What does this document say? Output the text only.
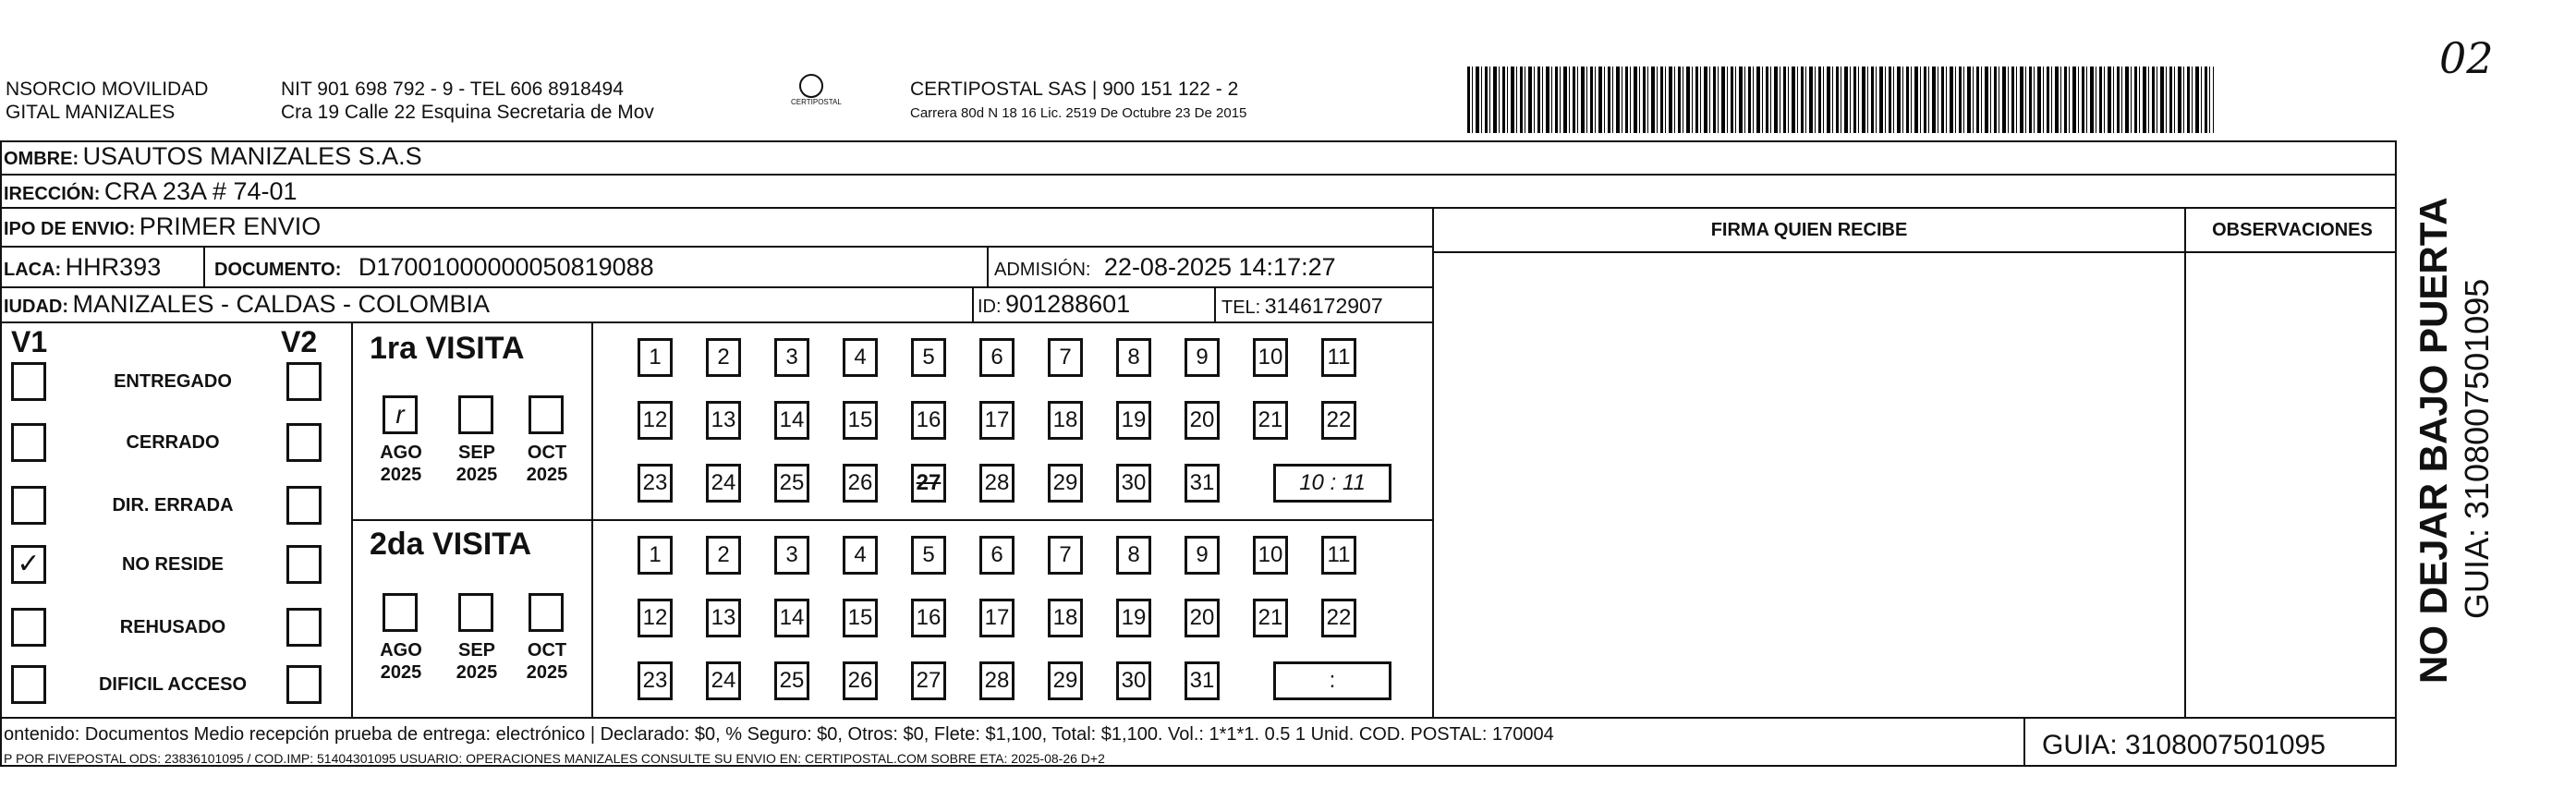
NSORCIO MOVILIDAD
GITAL MANIZALES
NIT 901 698 792 - 9 - TEL 606 8918494
Cra 19 Calle 22 Esquina Secretaria de Mov	CERTIPOSTAL
CERTIPOSTAL SAS | 900 151 122 - 2
Carrera 80d N 18 16 Lic. 2519 De Octubre 23 De 2015
02
OMBRE: USAUTOS MANIZALES S.A.S
IRECCIÓN: CRA 23A # 74-01
IPO DE ENVIO: PRIMER ENVIO
LACA: HHR393	DOCUMENTO: D17001000000050819088	ADMISIÓN: 22-08-2025 14:17:27
IUDAD: MANIZALES - CALDAS - COLOMBIA	ID: 901288601	TEL: 3146172907
FIRMA QUIEN RECIBE	OBSERVACIONES
V1	V2
ENTREGADO
CERRADO
DIR. ERRADA
✓	NO RESIDE
REHUSADO
DIFICIL ACCESO
1ra VISITA
2da VISITA
r
AGO
2025
SEP
2025
OCT
2025
1	2	3	4	5	6	7	8	9	10 11
12 13 14 15 16 17 18 19 20 21 22
23 24 25 26 27 28 29 30 31	10 : 11
AGO
2025
SEP
2025
OCT
2025
1	2	3	4	5	6	7	8	9	10 11
12 13 14 15 16 17 18 19 20 21 22
23 24 25 26 27 28 29 30 31	:
ontenido: Documentos Medio recepción prueba de entrega: electrónico | Declarado: $0, % Seguro: $0, Otros: $0, Flete: $1,100, Total: $1,100. Vol.: 1*1*1. 0.5 1 Unid. COD. POSTAL: 170004
P POR FIVEPOSTAL ODS: 23836101095 / COD.IMP: 51404301095 USUARIO: OPERACIONES MANIZALES CONSULTE SU ENVIO EN: CERTIPOSTAL.COM SOBRE ETA: 2025-08-26 D+2	GUIA: 3108007501095
NO DEJAR BAJO PUERTA GUIA: 3108007501095
